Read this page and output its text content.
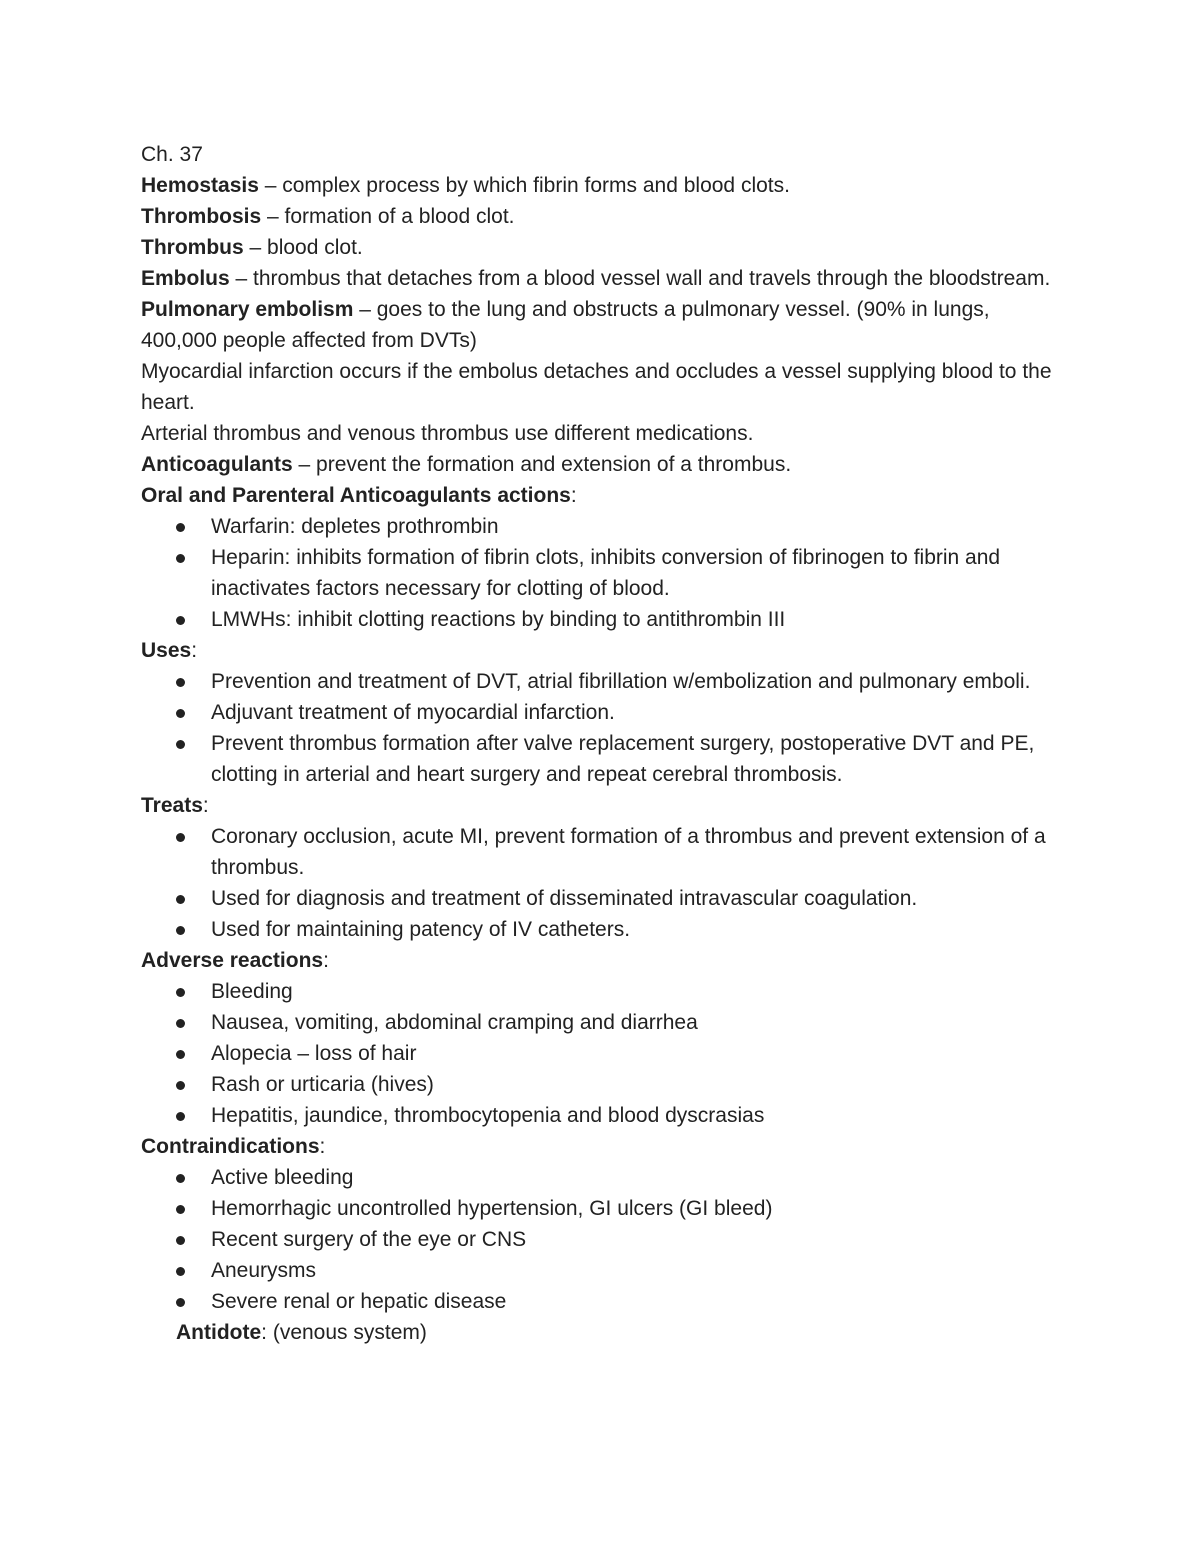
Ch. 37

Hemostasis – complex process by which fibrin forms and blood clots.

Thrombosis – formation of a blood clot.

Thrombus – blood clot.

Embolus – thrombus that detaches from a blood vessel wall and travels through the bloodstream.

Pulmonary embolism – goes to the lung and obstructs a pulmonary vessel. (90% in lungs, 400,000 people affected from DVTs)

Myocardial infarction occurs if the embolus detaches and occludes a vessel supplying blood to the heart.

Arterial thrombus and venous thrombus use different medications.

Anticoagulants – prevent the formation and extension of a thrombus.

Oral and Parenteral Anticoagulants actions:

Warfarin: depletes prothrombin
Heparin: inhibits formation of fibrin clots, inhibits conversion of fibrinogen to fibrin and inactivates factors necessary for clotting of blood.
LMWHs: inhibit clotting reactions by binding to antithrombin III

Uses:

Prevention and treatment of DVT, atrial fibrillation w/embolization and pulmonary emboli.
Adjuvant treatment of myocardial infarction.
Prevent thrombus formation after valve replacement surgery, postoperative DVT and PE, clotting in arterial and heart surgery and repeat cerebral thrombosis.

Treats:

Coronary occlusion, acute MI, prevent formation of a thrombus and prevent extension of a thrombus.
Used for diagnosis and treatment of disseminated intravascular coagulation.
Used for maintaining patency of IV catheters.

Adverse reactions:

Bleeding
Nausea, vomiting, abdominal cramping and diarrhea
Alopecia – loss of hair
Rash or urticaria (hives)
Hepatitis, jaundice, thrombocytopenia and blood dyscrasias

Contraindications:

Active bleeding
Hemorrhagic uncontrolled hypertension, GI ulcers (GI bleed)
Recent surgery of the eye or CNS
Aneurysms
Severe renal or hepatic disease

Antidote: (venous system)
